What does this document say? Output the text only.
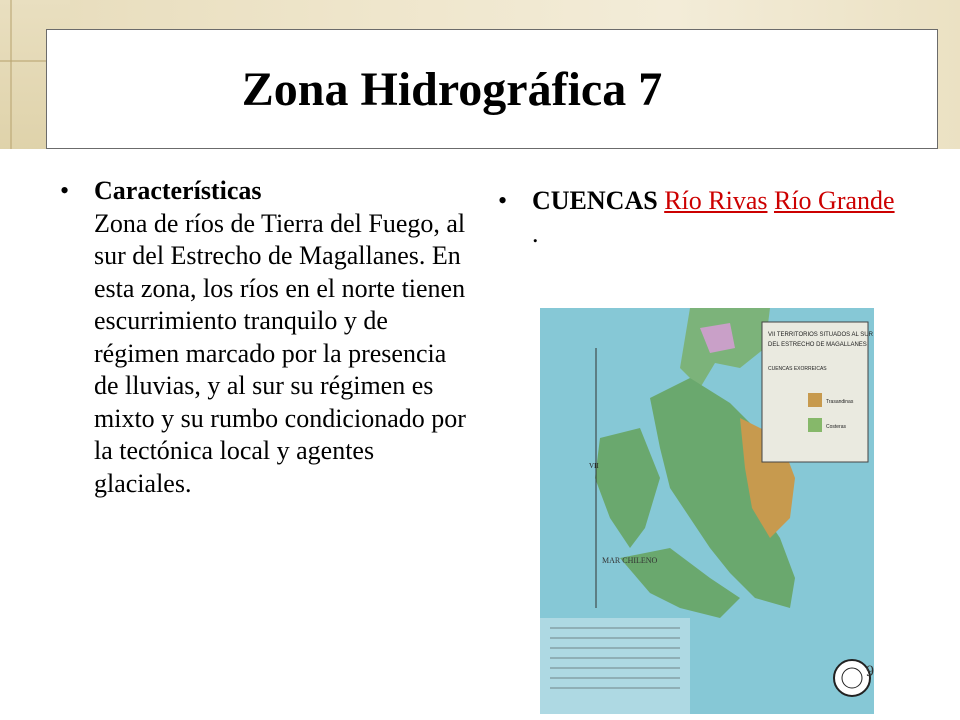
Zona Hidrográfica 7
• Características
Zona de ríos de Tierra del Fuego, al sur del Estrecho de Magallanes. En esta zona, los ríos en el norte tienen escurrimiento tranquilo y de régimen marcado por la presencia de lluvias, y al sur su régimen es mixto y su rumbo condicionado por la tectónica local y agentes glaciales.
• CUENCAS Río Rivas Río Grande .
VII TERRITORIOS SITUADOS AL SUR
DEL ESTRECHO DE MAGALLANES
CUENCAS EXORREICAS
Trasandinas
Costeras
VII
MAR CHILENO
9
